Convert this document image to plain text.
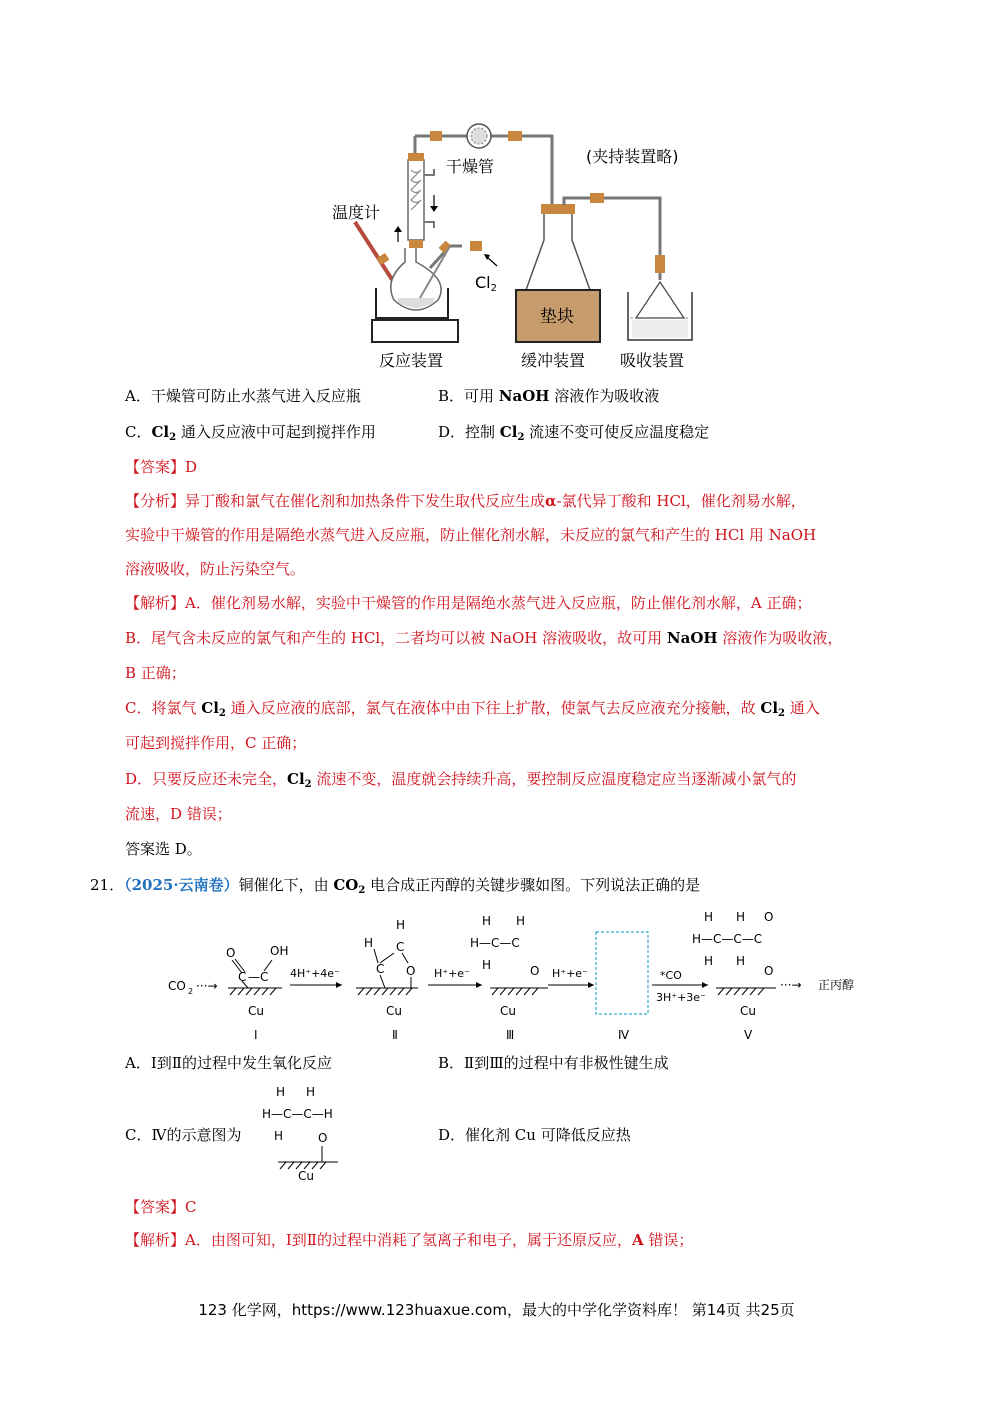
干燥管
(夹持装置略)
温度计
$Cl_2$
垫块
反应装置	缓冲装置 吸收装置
A．干燥管可防止水蒸气进入反应瓶	B．可用 NaOH 溶液作为吸收液
C．$Cl_2$ 通入反应液中可起到搅拌作用	D．控制 $Cl_2$ 流速不变可使反应温度稳定
【答案】D
【分析】异丁酸和氯气在催化剂和加热条件下发生取代反应生成α-氯代异丁酸和 HCl，催化剂易水解，
实验中干燥管的作用是隔绝水蒸气进入反应瓶，防止催化剂水解，未反应的氯气和产生的 HCl 用 NaOH
溶液吸收，防止污染空气。
【解析】A．催化剂易水解，实验中干燥管的作用是隔绝水蒸气进入反应瓶，防止催化剂水解，A 正确；
B．尾气含未反应的氯气和产生的 HCl，二者均可以被 NaOH 溶液吸收，故可用 NaOH 溶液作为吸收液，
B 正确；
C．将氯气 $Cl_2$ 通入反应液的底部，氯气在液体中由下往上扩散，使氯气去反应液充分接触，故 $Cl_2$ 通入
可起到搅拌作用，C 正确；
D．只要反应还未完全，$Cl_2$ 流速不变，温度就会持续升高，要控制反应温度稳定应当逐渐减小氯气的
流速，D 错误；
答案选 D。
21．（2025·云南卷）铜催化下，由 $CO_2$ 电合成正丙醇的关键步骤如图。下列说法正确的是
CO 2 ···→
O
C — C
OH
4H⁺+4e⁻
H
H C
C O H⁺+e⁻
H H
H—C—C
H	O H⁺+e⁻	*CO
3H⁺+3e⁻
H H O
H—C—C—C
H H
O
···→ 正丙醇
Cu	Cu	Cu	Cu
Ⅰ	Ⅱ	Ⅲ	Ⅳ	Ⅴ
A．Ⅰ到Ⅱ的过程中发生氧化反应	B．Ⅱ到Ⅲ的过程中有非极性键生成
C．Ⅳ的示意图为
H H
H—C—C—H
H	O
Cu
D．催化剂 Cu 可降低反应热
【答案】C
【解析】A．由图可知，Ⅰ到Ⅱ的过程中消耗了氢离子和电子，属于还原反应，A 错误；
123 化学网，https://www.123huaxue.com，最大的中学化学资料库！ 第14页 共25页
